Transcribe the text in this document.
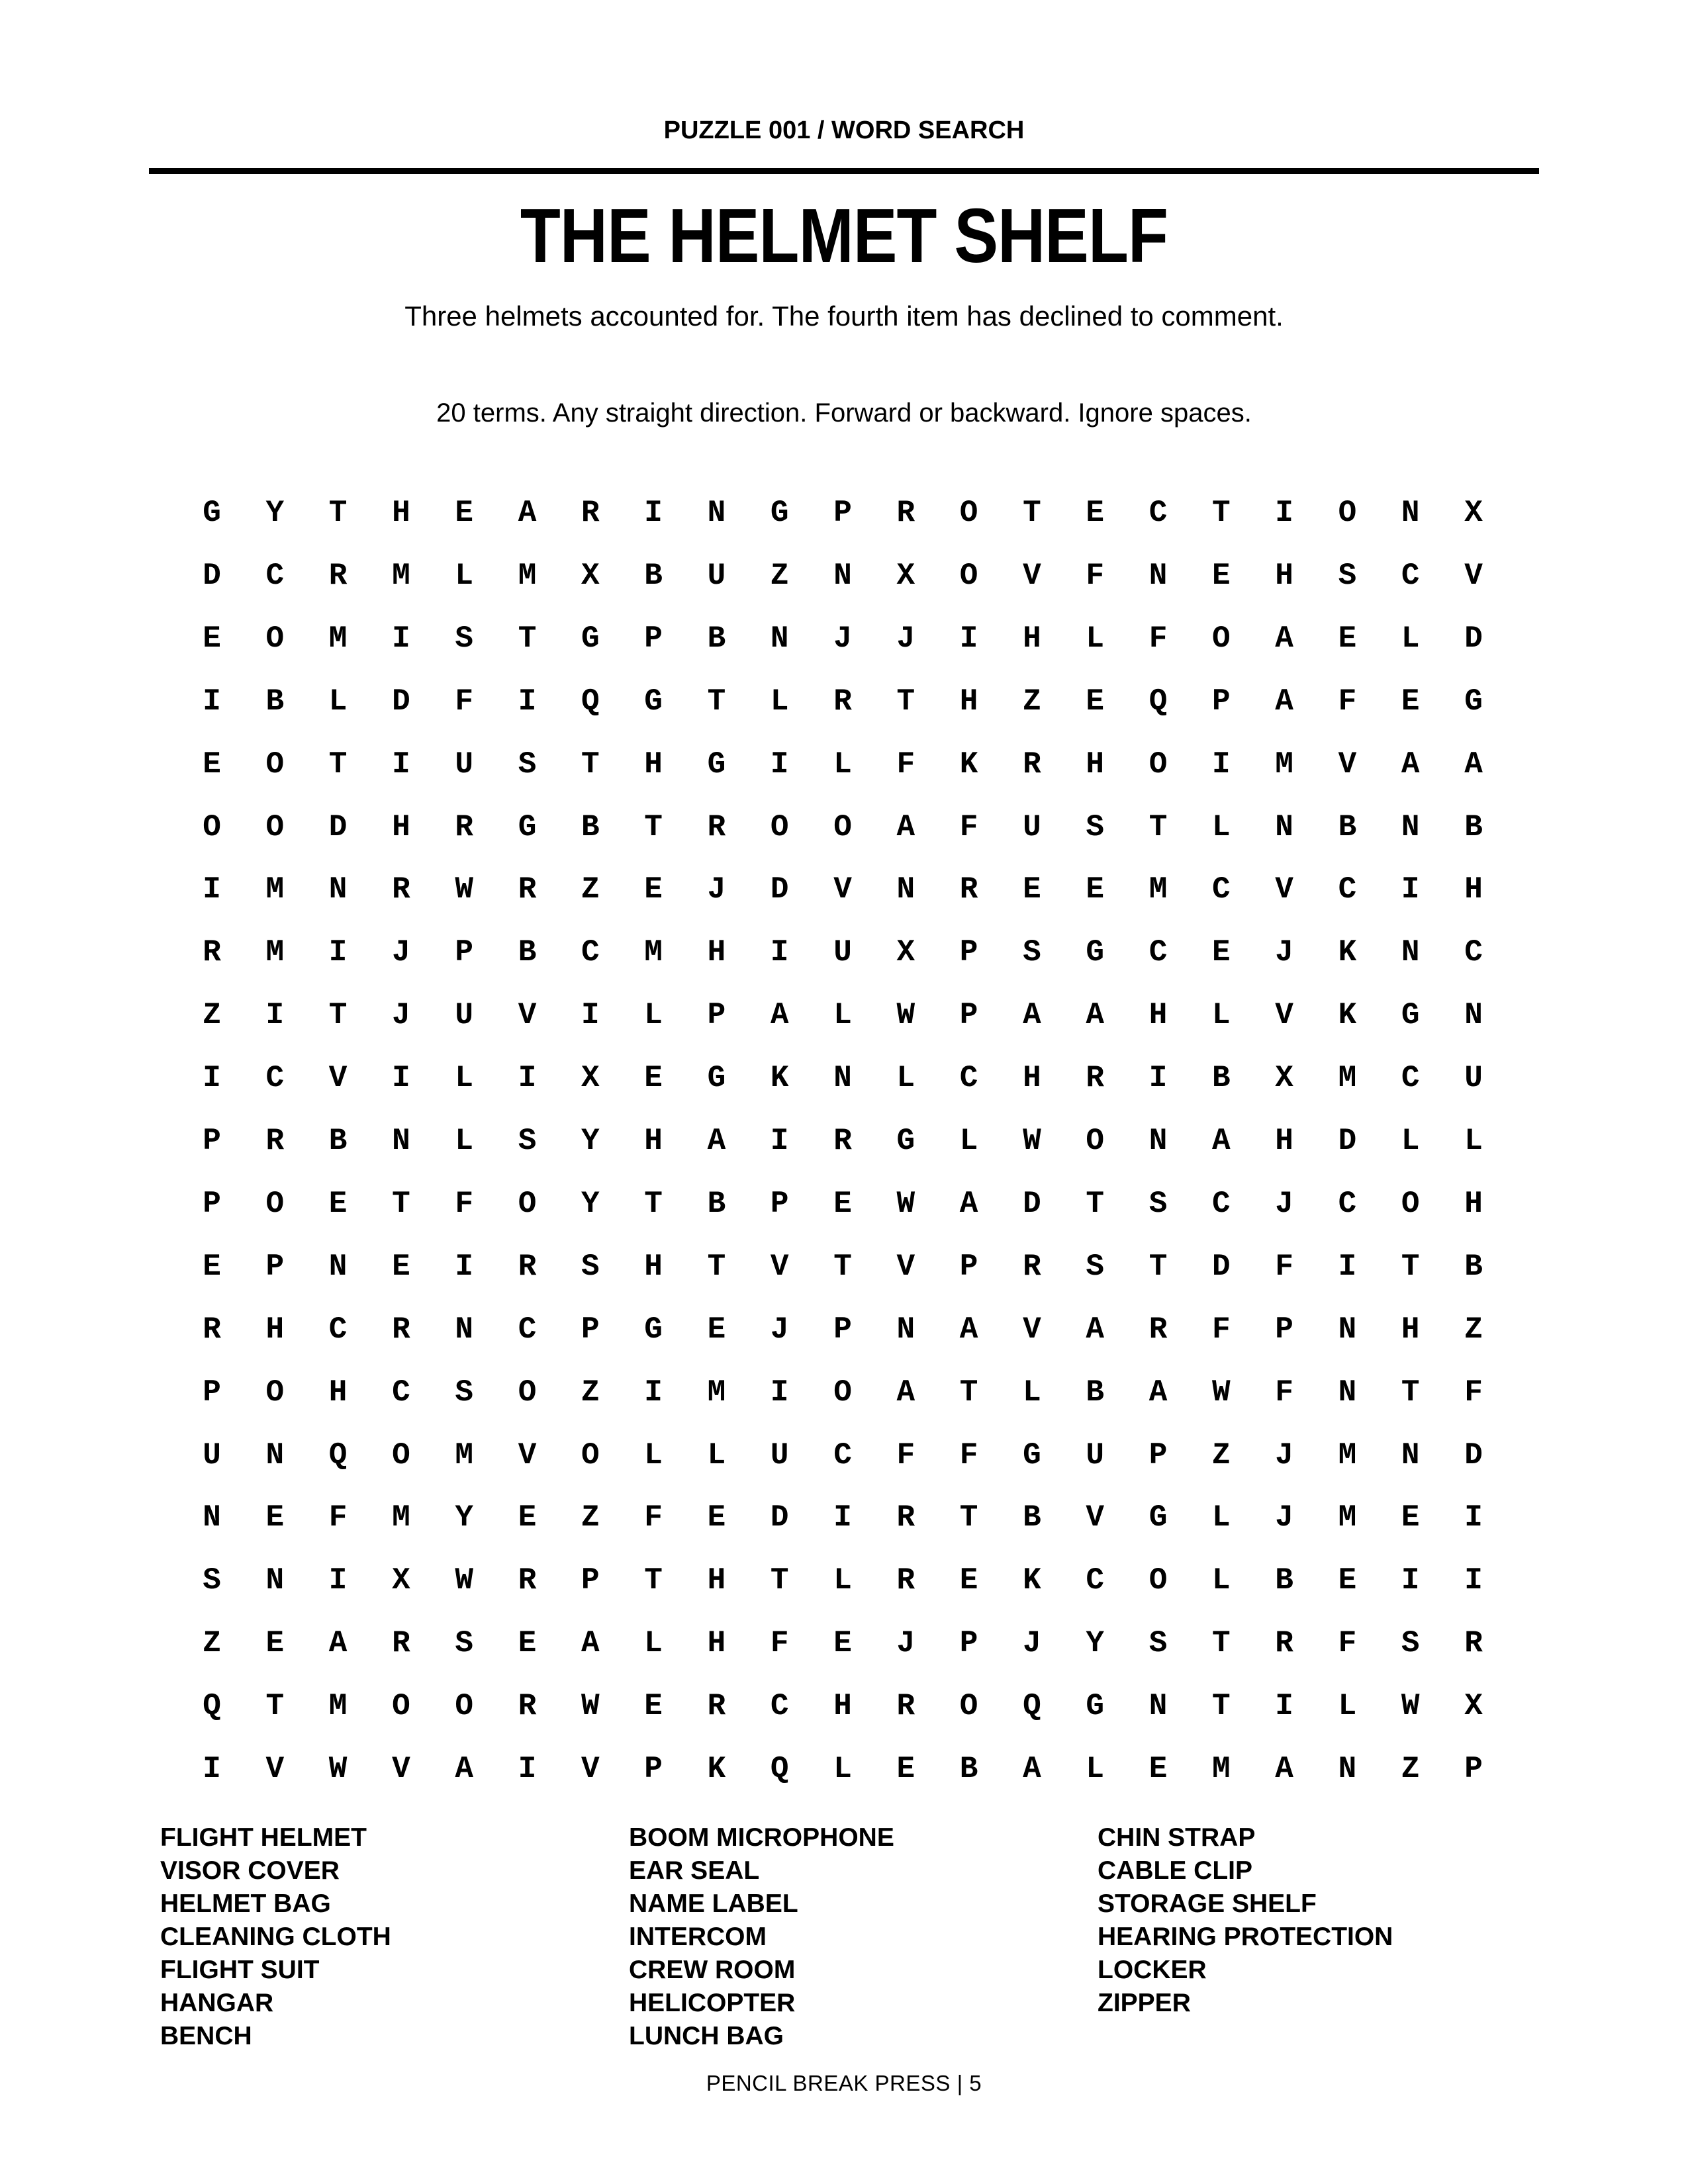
PUZZLE 001 / WORD SEARCH
THE HELMET SHELF
Three helmets accounted for. The fourth item has declined to comment.
20 terms. Any straight direction. Forward or backward. Ignore spaces.
G	Y	T	H	E	A	R	I	N	G	P	R	O	T	E	C	T	I	O	N	X
D	C	R	M	L	M	X	B	U	Z	N	X	O	V	F	N	E	H	S	C	V
E	O	M	I	S	T	G	P	B	N	J	J	I	H	L	F	O	A	E	L	D
I	B	L	D	F	I	Q	G	T	L	R	T	H	Z	E	Q	P	A	F	E	G
E	O	T	I	U	S	T	H	G	I	L	F	K	R	H	O	I	M	V	A	A
O	O	D	H	R	G	B	T	R	O	O	A	F	U	S	T	L	N	B	N	B
I	M	N	R	W	R	Z	E	J	D	V	N	R	E	E	M	C	V	C	I	H
R	M	I	J	P	B	C	M	H	I	U	X	P	S	G	C	E	J	K	N	C
Z	I	T	J	U	V	I	L	P	A	L	W	P	A	A	H	L	V	K	G	N
I	C	V	I	L	I	X	E	G	K	N	L	C	H	R	I	B	X	M	C	U
P	R	B	N	L	S	Y	H	A	I	R	G	L	W	O	N	A	H	D	L	L
P	O	E	T	F	O	Y	T	B	P	E	W	A	D	T	S	C	J	C	O	H
E	P	N	E	I	R	S	H	T	V	T	V	P	R	S	T	D	F	I	T	B
R	H	C	R	N	C	P	G	E	J	P	N	A	V	A	R	F	P	N	H	Z
P	O	H	C	S	O	Z	I	M	I	O	A	T	L	B	A	W	F	N	T	F
U	N	Q	O	M	V	O	L	L	U	C	F	F	G	U	P	Z	J	M	N	D
N	E	F	M	Y	E	Z	F	E	D	I	R	T	B	V	G	L	J	M	E	I
S	N	I	X	W	R	P	T	H	T	L	R	E	K	C	O	L	B	E	I	I
Z	E	A	R	S	E	A	L	H	F	E	J	P	J	Y	S	T	R	F	S	R
Q	T	M	O	O	R	W	E	R	C	H	R	O	Q	G	N	T	I	L	W	X
I	V	W	V	A	I	V	P	K	Q	L	E	B	A	L	E	M	A	N	Z	P
FLIGHT HELMET
VISOR COVER
HELMET BAG
CLEANING CLOTH
FLIGHT SUIT
HANGAR
BENCH
BOOM MICROPHONE
EAR SEAL
NAME LABEL
INTERCOM
CREW ROOM
HELICOPTER
LUNCH BAG
CHIN STRAP
CABLE CLIP
STORAGE SHELF
HEARING PROTECTION
LOCKER
ZIPPER
PENCIL BREAK PRESS | 5
